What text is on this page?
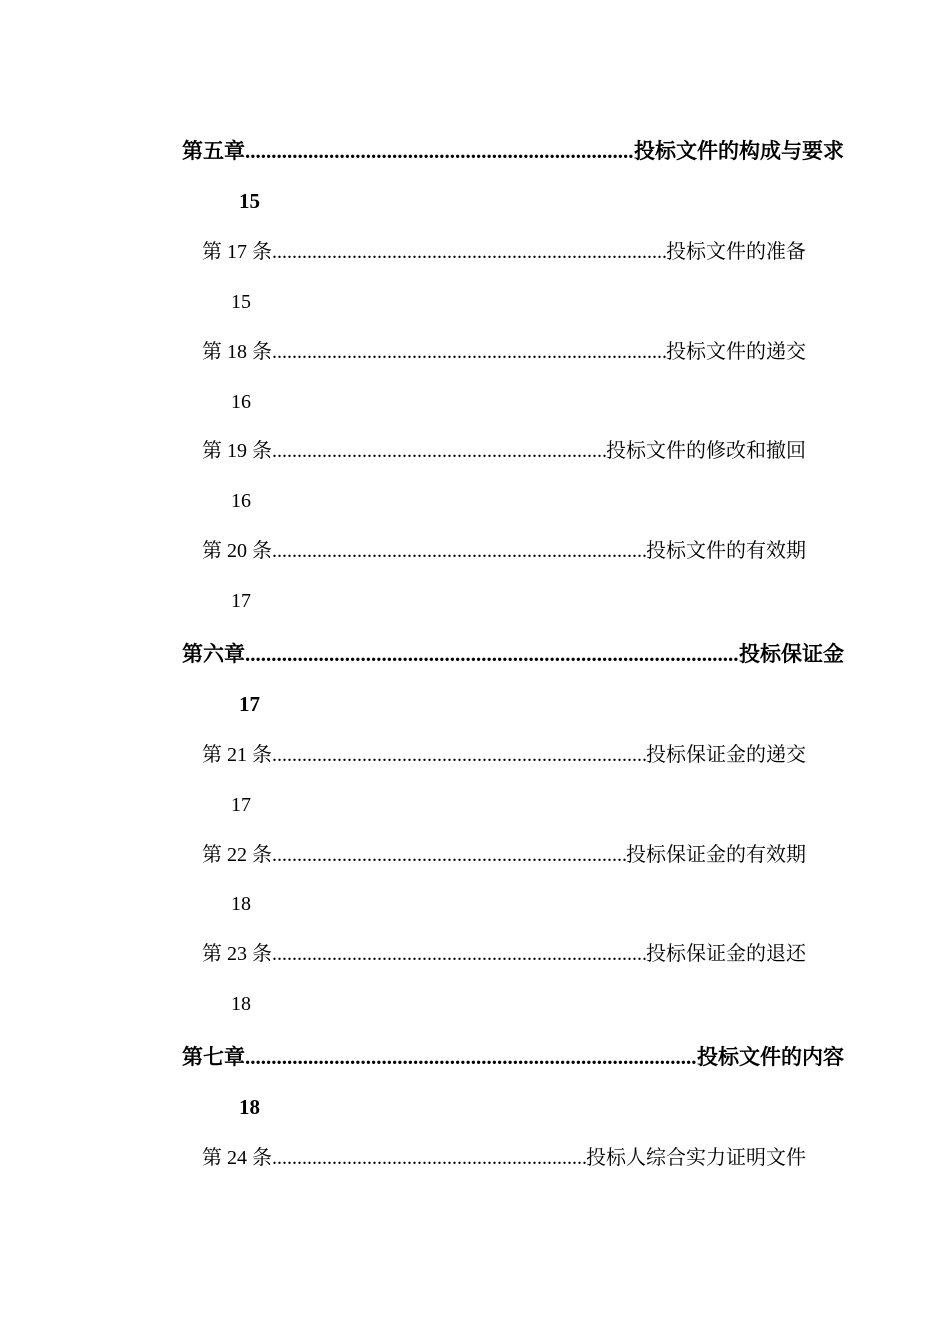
第五章 .....	投标文件的构成与要求
15
第 17 条 .....	投标文件的准备
15
第 18 条 .....	投标文件的递交
16
第 19 条 .....	投标文件的修改和撤回
16
第 20 条 .....	投标文件的有效期
17
第六章 .....	投标保证金
17
第 21 条 .....	投标保证金的递交
17
第 22 条 .....	投标保证金的有效期
18
第 23 条 .....	投标保证金的退还
18
第七章 .....	投标文件的内容
18
第 24 条 .....	投标人综合实力证明文件
